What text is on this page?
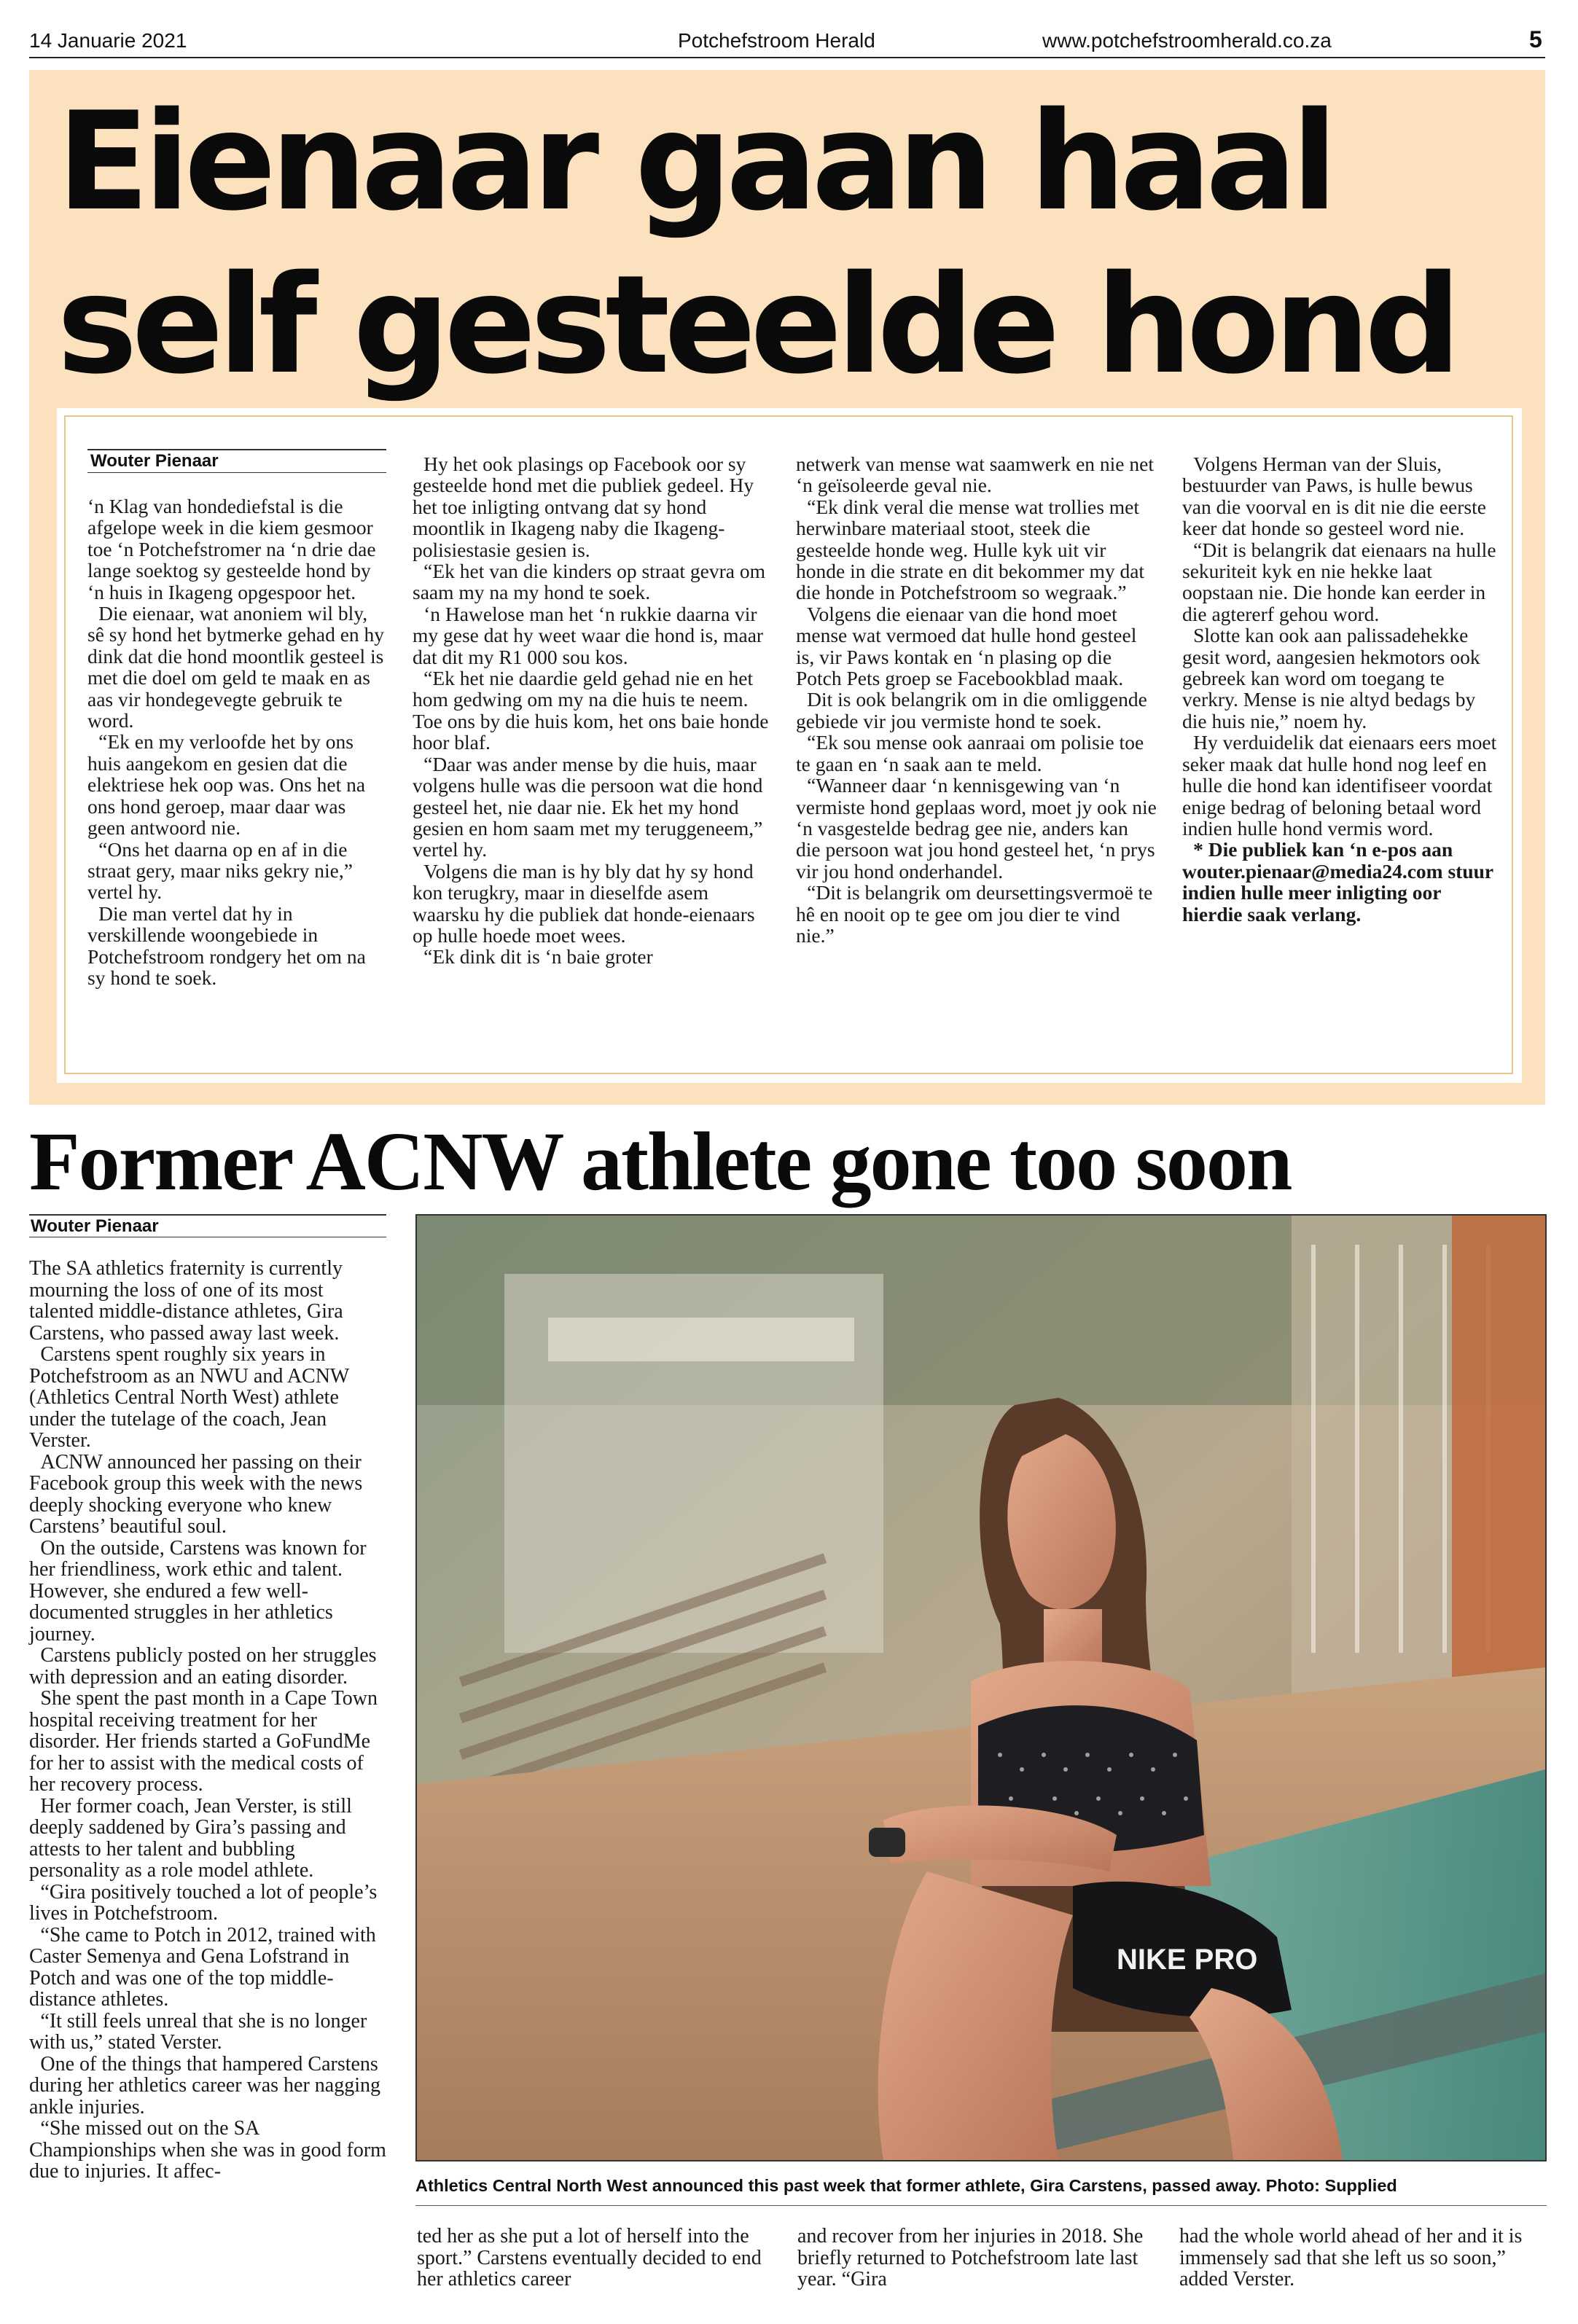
14 Januarie 2021	Potchefstroom Herald	www.potchefstroomherald.co.za	5
Eienaar gaan haal
self gesteelde hond
Wouter Pienaar

‘n Klag van hondediefstal is die afgelope week in die kiem gesmoor toe ‘n Potchefstromer na ‘n drie dae lange soektog sy gesteelde hond by ‘n huis in Ikageng opgespoor het.

Die eienaar, wat anoniem wil bly, sê sy hond het bytmerke gehad en hy dink dat die hond moontlik gesteel is met die doel om geld te maak en as aas vir hondegevegte gebruik te word.

“Ek en my verloofde het by ons huis aangekom en gesien dat die elektriese hek oop was. Ons het na ons hond geroep, maar daar was geen antwoord nie.

“Ons het daarna op en af in die straat gery, maar niks gekry nie,” vertel hy.

Die man vertel dat hy in verskillende woongebiede in Potchefstroom rondgery het om na sy hond te soek.

Hy het ook plasings op Facebook oor sy gesteelde hond met die publiek gedeel. Hy het toe inligting ontvang dat sy hond moontlik in Ikageng naby die Ikageng-polisiestasie gesien is.

“Ek het van die kinders op straat gevra om saam my na my hond te soek.

‘n Hawelose man het ‘n rukkie daarna vir my gese dat hy weet waar die hond is, maar dat dit my R1 000 sou kos.

“Ek het nie daardie geld gehad nie en het hom gedwing om my na die huis te neem. Toe ons by die huis kom, het ons baie honde hoor blaf.

“Daar was ander mense by die huis, maar volgens hulle was die persoon wat die hond gesteel het, nie daar nie. Ek het my hond gesien en hom saam met my teruggeneem,” vertel hy.

Volgens die man is hy bly dat hy sy hond kon terugkry, maar in dieselfde asem waarsku hy die publiek dat honde-eienaars op hulle hoede moet wees.

“Ek dink dit is ‘n baie groter

netwerk van mense wat saamwerk en nie net ‘n geïsoleerde geval nie.

“Ek dink veral die mense wat trollies met herwinbare materiaal stoot, steek die gesteelde honde weg. Hulle kyk uit vir honde in die strate en dit bekommer my dat die honde in Potchefstroom so wegraak.”

Volgens die eienaar van die hond moet mense wat vermoed dat hulle hond gesteel is, vir Paws kontak en ‘n plasing op die Potch Pets groep se Facebookblad maak.

Dit is ook belangrik om in die omliggende gebiede vir jou vermiste hond te soek.

“Ek sou mense ook aanraai om polisie toe te gaan en ‘n saak aan te meld.

“Wanneer daar ‘n kennisgewing van ‘n vermiste hond geplaas word, moet jy ook nie ‘n vasgestelde bedrag gee nie, anders kan die persoon wat jou hond gesteel het, ‘n prys vir jou hond onderhandel.

“Dit is belangrik om deursettingsvermoë te hê en nooit op te gee om jou dier te vind nie.”

Volgens Herman van der Sluis, bestuurder van Paws, is hulle bewus van die voorval en is dit nie die eerste keer dat honde so gesteel word nie.

“Dit is belangrik dat eienaars na hulle sekuriteit kyk en nie hekke laat oopstaan nie. Die honde kan eerder in die agtererf gehou word.

Slotte kan ook aan palissadehekke gesit word, aangesien hekmotors ook gebreek kan word om toegang te verkry. Mense is nie altyd bedags by die huis nie,” noem hy.

Hy verduidelik dat eienaars eers moet seker maak dat hulle hond nog leef en hulle die hond kan identifiseer voordat enige bedrag of beloning betaal word indien hulle hond vermis word.

* Die publiek kan ‘n e-pos aan wouter.pienaar@media24.com stuur indien hulle meer inligting oor hierdie saak verlang.

Former ACNW athlete gone too soon
Wouter Pienaar

The SA athletics fraternity is currently mourning the loss of one of its most talented middle-distance athletes, Gira Carstens, who passed away last week.

Carstens spent roughly six years in Potchefstroom as an NWU and ACNW (Athletics Central North West) athlete under the tutelage of the coach, Jean Verster.

ACNW announced her passing on their Facebook group this week with the news deeply shocking everyone who knew Carstens’ beautiful soul.

On the outside, Carstens was known for her friendliness, work ethic and talent. However, she endured a few well- documented struggles in her athletics journey.

Carstens publicly posted on her struggles with depression and an eating disorder.

She spent the past month in a Cape Town hospital receiving treatment for her disorder. Her friends started a GoFundMe for her to assist with the medical costs of her recovery process.

Her former coach, Jean Verster, is still deeply saddened by Gira’s passing and attests to her talent and bubbling personality as a role model athlete.

“Gira positively touched a lot of people’s lives in Potchefstroom.

“She came to Potch in 2012, trained with Caster Semenya and Gena Lofstrand in Potch and was one of the top middle-distance athletes.

“It still feels unreal that she is no longer with us,” stated Verster.

One of the things that hampered Carstens during her athletics career was her nagging ankle injuries.

“She missed out on the SA Championships when she was in good form due to injuries. It affec-

NIKE PRO
Athletics Central North West announced this past week that former athlete, Gira Carstens, passed away. Photo: Supplied

ted her as she put a lot of herself into the sport.” Carstens eventually decided to end her athletics career

and recover from her injuries in 2018. She briefly returned to Potchefstroom late last year. “Gira

had the whole world ahead of her and it is immensely sad that she left us so soon,” added Verster.
